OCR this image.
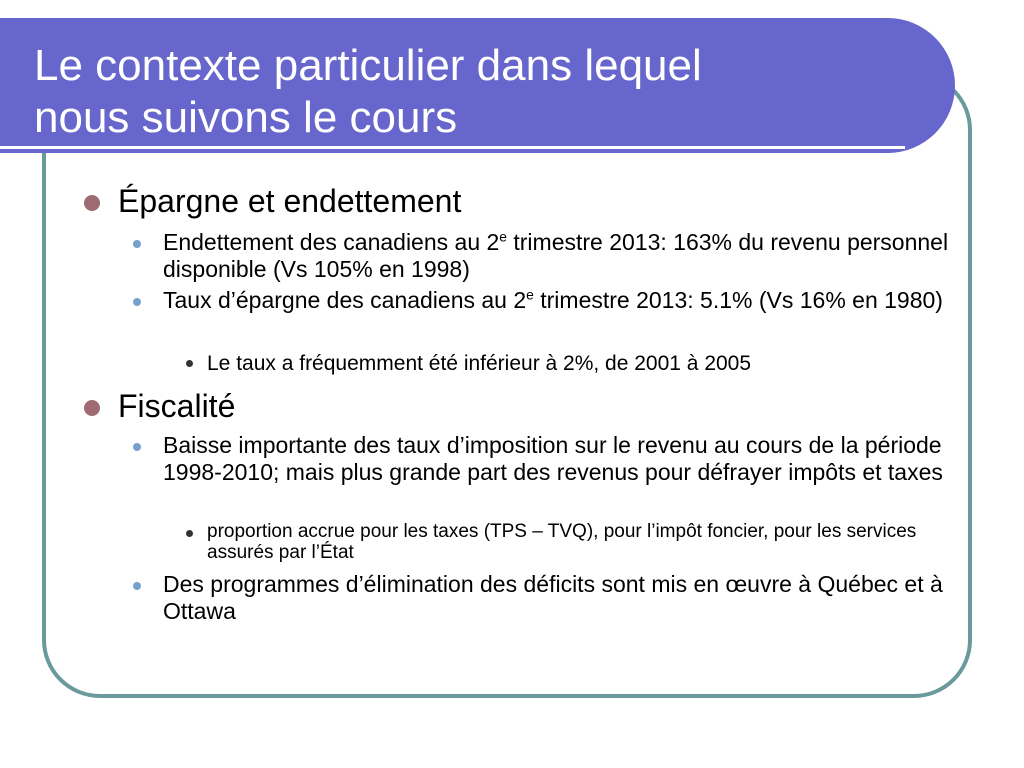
Le contexte particulier dans lequel
nous suivons le cours
Épargne et endettement
Endettement des canadiens au 2e trimestre 2013: 163% du revenu personnel disponible (Vs 105% en 1998)
Taux d’épargne des canadiens au 2e trimestre 2013: 5.1% (Vs 16% en 1980)
Le taux a fréquemment été inférieur à 2%, de 2001 à 2005
Fiscalité
Baisse importante des taux d’imposition sur le revenu au cours de la période 1998-2010; mais plus grande part des revenus pour défrayer impôts et taxes
proportion accrue pour les taxes (TPS – TVQ), pour l’impôt foncier, pour les services assurés par l’État
Des programmes d’élimination des déficits sont mis en œuvre à Québec et à Ottawa
